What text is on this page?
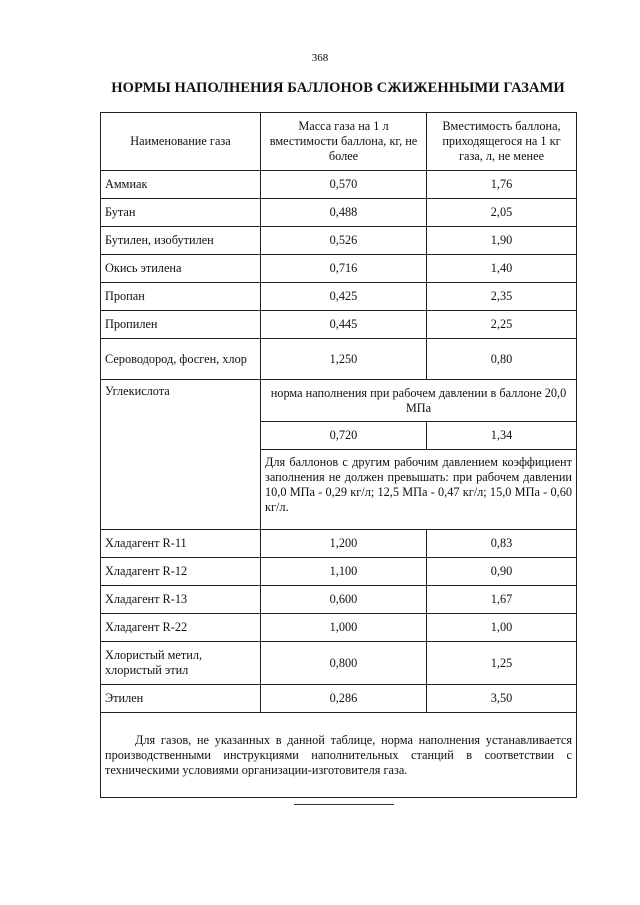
368
НОРМЫ НАПОЛНЕНИЯ БАЛЛОНОВ СЖИЖЕННЫМИ ГАЗАМИ
Наименование газа	Масса газа на 1 л вместимости баллона, кг, не более	Вместимость баллона, приходящегося на 1 кг газа, л, не менее
Аммиак	0,570	1,76
Бутан	0,488	2,05
Бутилен, изобутилен	0,526	1,90
Окись этилена	0,716	1,40
Пропан	0,425	2,35
Пропилен	0,445	2,25
Сероводород, фосген, хлор	1,250	0,80
Углекислота	норма наполнения при рабочем давлении в баллоне 20,0 МПа	
	0,720	1,34
	Для баллонов с другим рабочим давлением коэффициент заполнения не должен превышать: при рабочем давлении 10,0 МПа - 0,29 кг/л; 12,5 МПа - 0,47 кг/л; 15,0 МПа - 0,60 кг/л.	
Хладагент R-11	1,200	0,83
Хладагент R-12	1,100	0,90
Хладагент R-13	0,600	1,67
Хладагент R-22	1,000	1,00
Хлористый метил, хлористый этил	0,800	1,25
Этилен	0,286	3,50

Для газов, не указанных в данной таблице, норма наполнения устанавливается производственными инструкциями наполнительных станций в соответствии с техническими условиями организации-изготовителя газа.		
